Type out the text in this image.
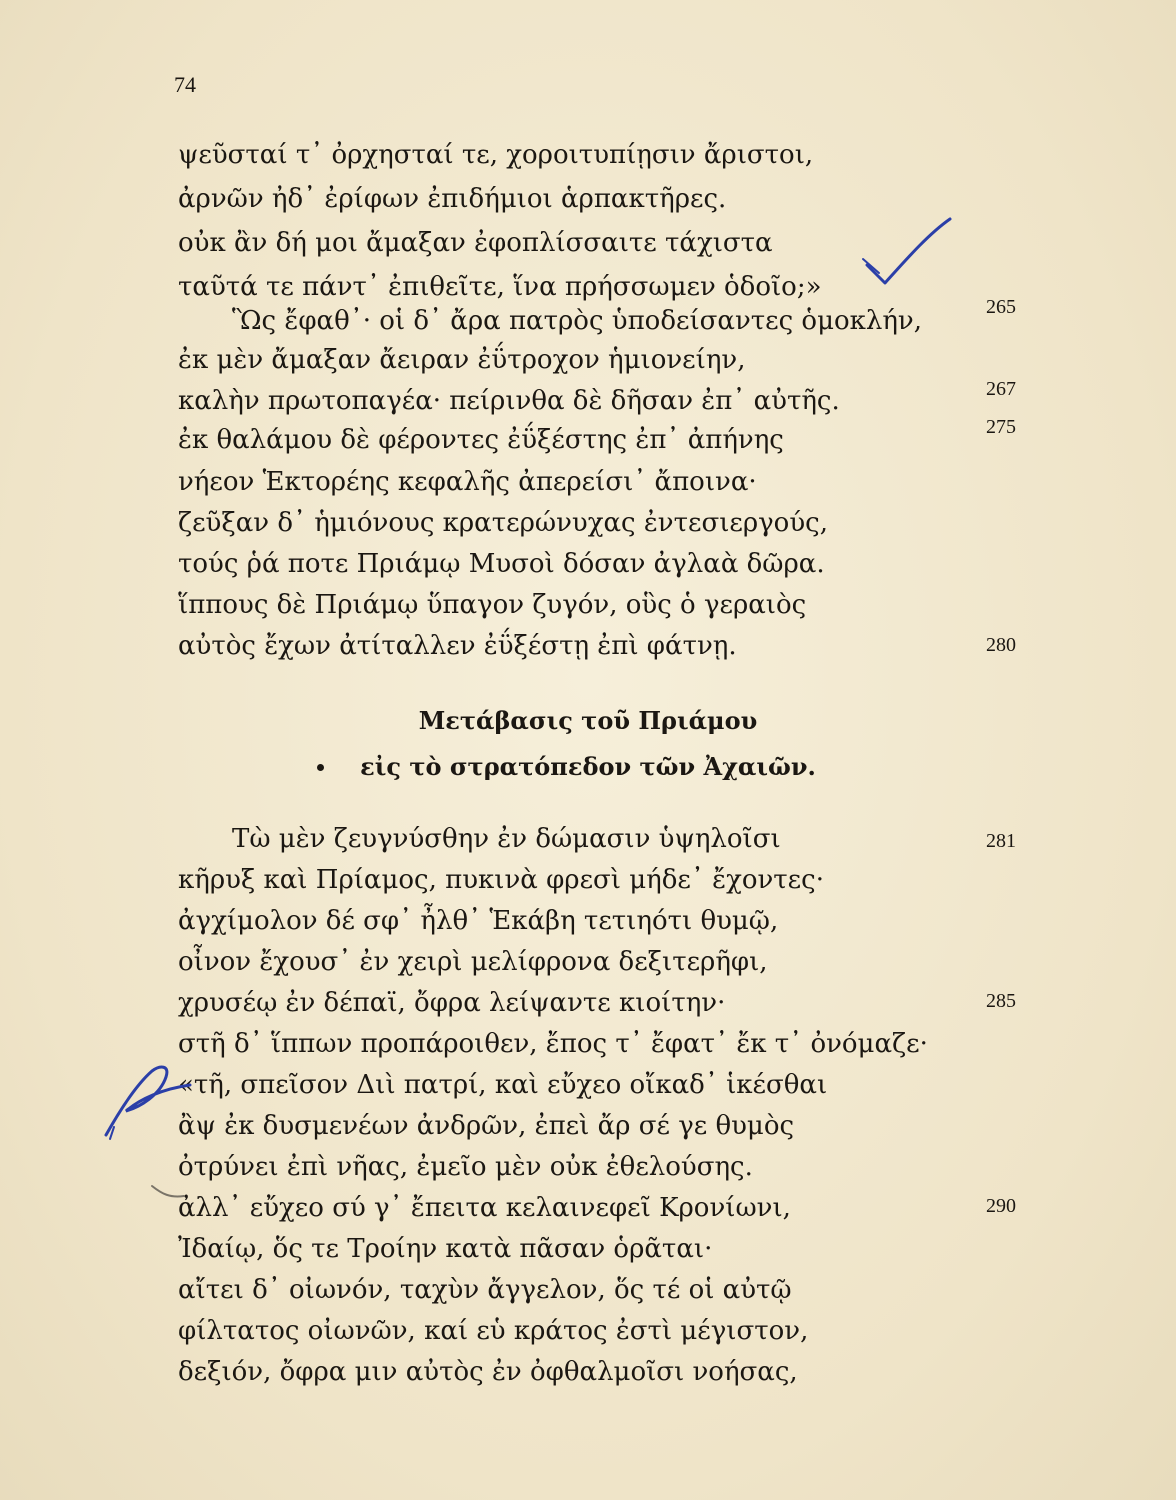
74
ψεῦσταί τ᾽ ὀρχησταί τε, χοροιτυπίῃσιν ἄριστοι,
ἀρνῶν ἠδ᾽ ἐρίφων ἐπιδήμιοι ἁρπακτῆρες.
οὐκ ἂν δή μοι ἄμαξαν ἐφοπλίσσαιτε τάχιστα
ταῦτά τε πάντ᾽ ἐπιθεῖτε, ἵνα πρήσσωμεν ὁδοῖο;»
Ὣς ἔφαθ᾽· οἱ δ᾽ ἄρα πατρὸς ὑποδείσαντες ὁμοκλήν,	265
ἐκ μὲν ἄμαξαν ἄειραν ἐΰτροχον ἡμιονείην,
καλὴν πρωτοπαγέα· πείρινθα δὲ δῆσαν ἐπ᾽ αὐτῆς.	267
ἐκ θαλάμου δὲ φέροντες ἐΰξέστης ἐπ᾽ ἀπήνης	275
νήεον Ἑκτορέης κεφαλῆς ἀπερείσι᾽ ἄποινα·
ζεῦξαν δ᾽ ἡμιόνους κρατερώνυχας ἐντεσιεργούς,
τούς ῥά ποτε Πριάμῳ Μυσοὶ δόσαν ἀγλαὰ δῶρα.
ἵππους δὲ Πριάμῳ ὕπαγον ζυγόν, οὓς ὁ γεραιὸς
αὐτὸς ἔχων ἀτίταλλεν ἐΰξέστῃ ἐπὶ φάτνῃ.	280
Μετάβασις τοῦ Πριάμου
εἰς τὸ στρατόπεδον τῶν Ἀχαιῶν.
Τὼ μὲν ζευγνύσθην ἐν δώμασιν ὑψηλοῖσι	281
κῆρυξ καὶ Πρίαμος, πυκινὰ φρεσὶ μήδε᾽ ἔχοντες·
ἀγχίμολον δέ σφ᾽ ἦλθ᾽ Ἑκάβη τετιηότι θυμῷ,
οἶνον ἔχουσ᾽ ἐν χειρὶ μελίφρονα δεξιτερῆφι,
χρυσέῳ ἐν δέπαϊ, ὄφρα λείψαντε κιοίτην·	285
στῆ δ᾽ ἵππων προπάροιθεν, ἔπος τ᾽ ἔφατ᾽ ἔκ τ᾽ ὀνόμαζε·
«τῆ, σπεῖσον Διὶ πατρί, καὶ εὔχεο οἴκαδ᾽ ἱκέσθαι
ἂψ ἐκ δυσμενέων ἀνδρῶν, ἐπεὶ ἄρ σέ γε θυμὸς
ὀτρύνει ἐπὶ νῆας, ἐμεῖο μὲν οὐκ ἐθελούσης.
ἀλλ᾽ εὔχεο σύ γ᾽ ἔπειτα κελαινεφεῖ Κρονίωνι,	290
Ἰδαίῳ, ὅς τε Τροίην κατὰ πᾶσαν ὁρᾶται·
αἴτει δ᾽ οἰωνόν, ταχὺν ἄγγελον, ὅς τέ οἱ αὐτῷ
φίλτατος οἰωνῶν, καί εὑ κράτος ἐστὶ μέγιστον,
δεξιόν, ὄφρα μιν αὐτὸς ἐν ὀφθαλμοῖσι νοήσας,
